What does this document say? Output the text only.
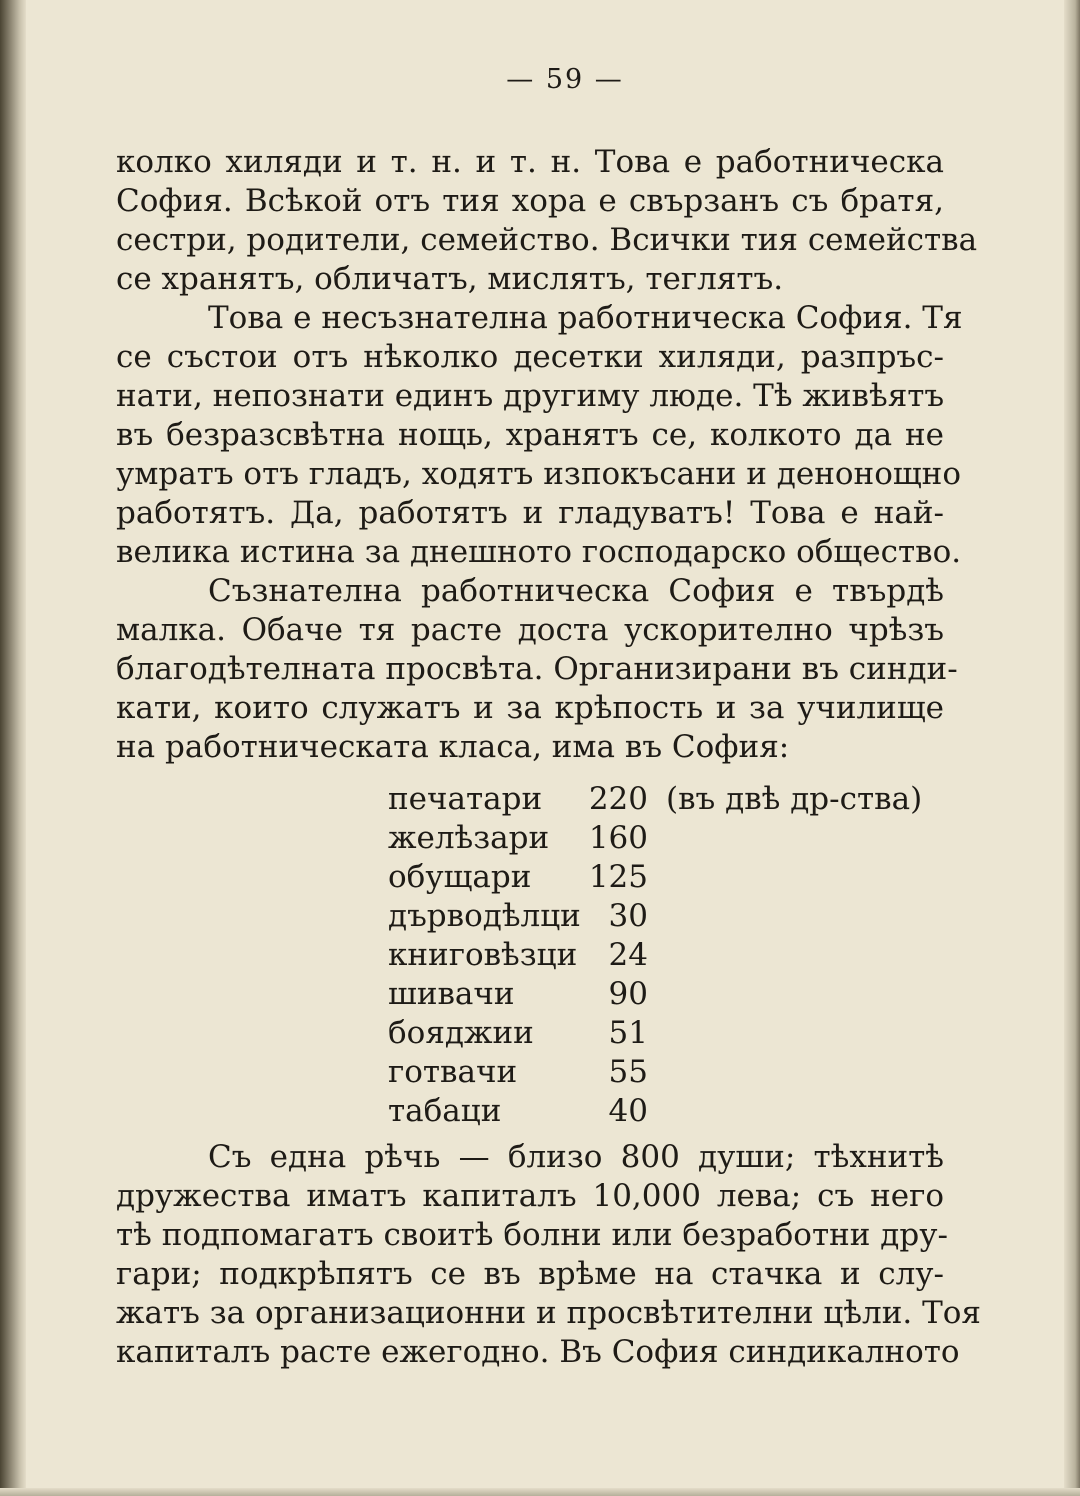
— 59 —
колко хиляди и т. н. и т. н. Това е работническа
София. Всѣкой отъ тия хора е свързанъ съ братя,
сестри, родители, семейство. Всички тия семейства
се хранятъ, обличатъ, мислятъ, теглятъ.
Това е несъзнателна работническа София. Тя
се състои отъ нѣколко десетки хиляди, разпръс-
нати, непознати единъ другиму люде. Тѣ живѣятъ
въ безразсвѣтна нощь, хранятъ се, колкото да не
умратъ отъ гладъ, ходятъ изпокъсани и денонощно
работятъ. Да, работятъ и гладуватъ! Това е най-
велика истина за днешното господарско общество.
Съзнателна работническа София е твърдѣ
малка. Обаче тя расте доста ускорително чрѣзъ
благодѣтелната просвѣта. Организирани въ синди-
кати, които служатъ и за крѣпость и за училище
на работническата класа, има въ София:
печатари	220 (въ двѣ др-ства)
желѣзари	160
обущари	125
дърводѣлци 30
книговѣзци	24
шивачи	90
бояджии	51
готвачи	55
табаци	40
Съ една рѣчь — близо 800 души; тѣхнитѣ
дружества иматъ капиталъ 10,000 лева; съ него
тѣ подпомагатъ своитѣ болни или безработни дру-
гари; подкрѣпятъ се въ врѣме на стачка и слу-
жатъ за организационни и просвѣтителни цѣли. Тоя
капиталъ расте ежегодно. Въ София синдикалното
